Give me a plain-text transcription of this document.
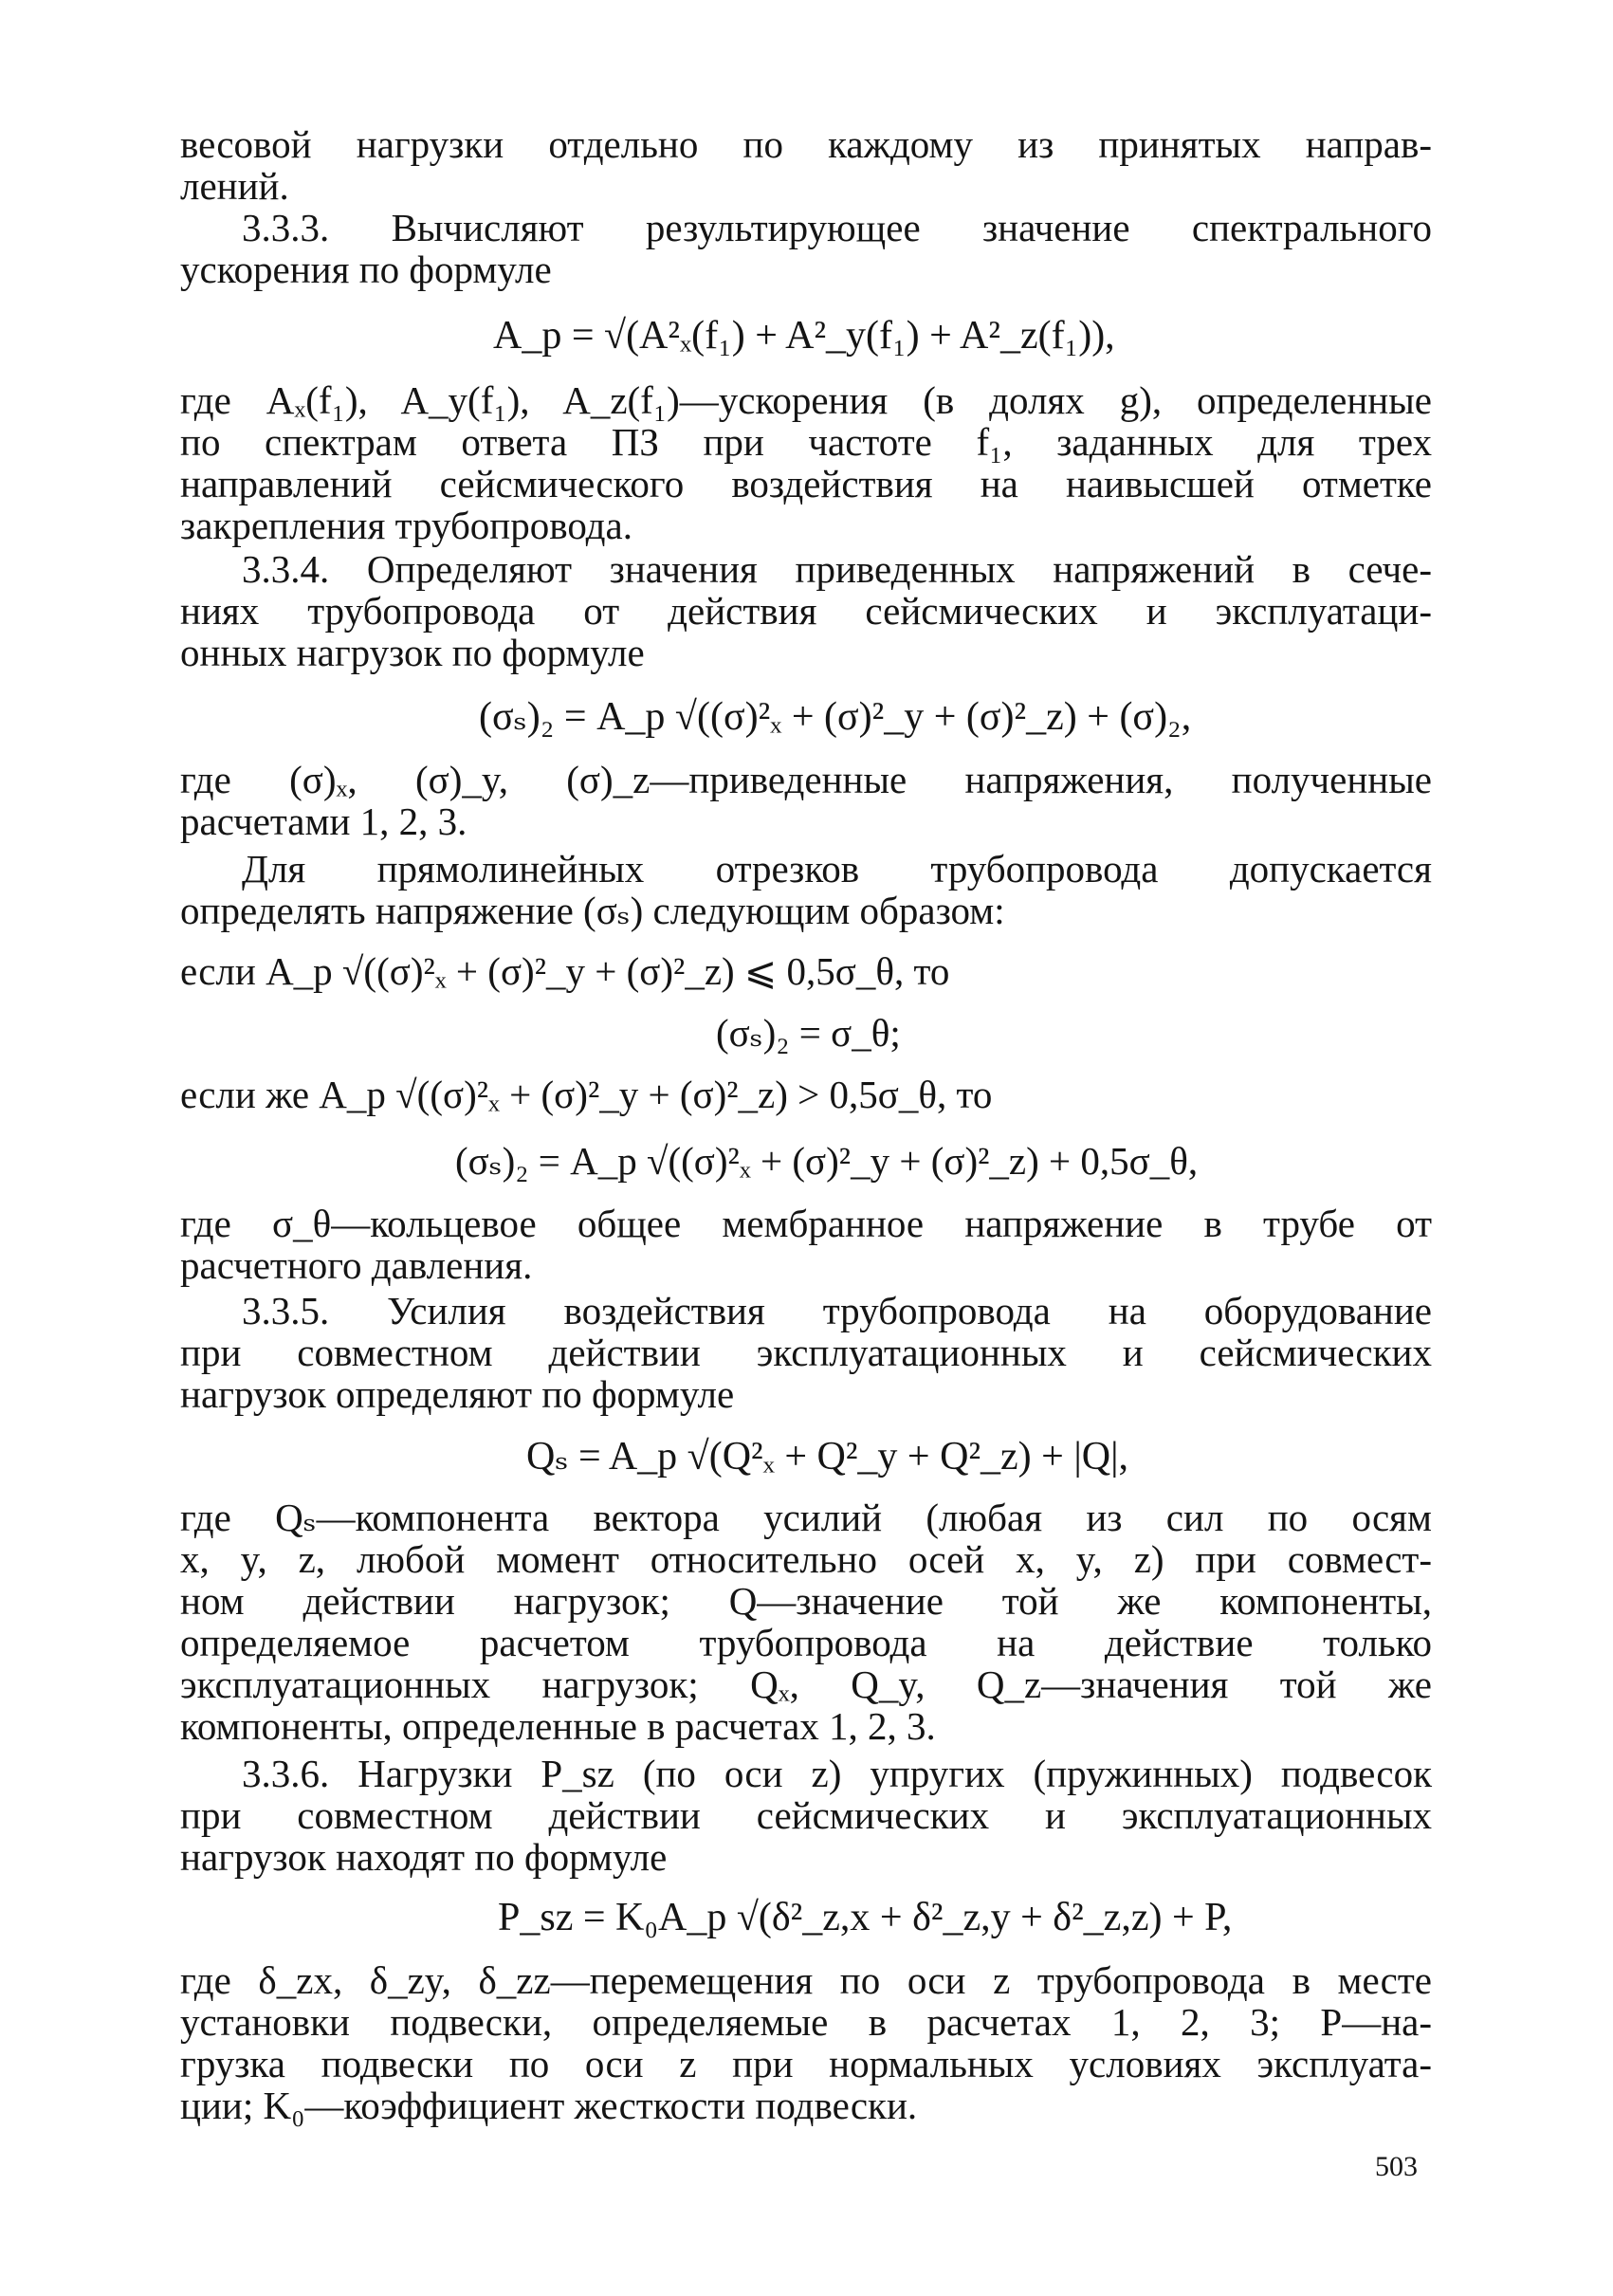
весовой нагрузки отдельно по каждому из принятых направ-
лений.
3.3.3. Вычисляют результирующее значение спектрального
ускорения по формуле
A_p = √(A²ₓ(f₁) + A²_y(f₁) + A²_z(f₁)),
где Aₓ(f₁), A_y(f₁), A_z(f₁)—ускорения (в долях g), определенные
по спектрам ответа ПЗ при частоте f₁, заданных для трех
направлений сейсмического воздействия на наивысшей отметке
закрепления трубопровода.
3.3.4. Определяют значения приведенных напряжений в сече-
ниях трубопровода от действия сейсмических и эксплуатаци-
онных нагрузок по формуле
(σₛ)₂ = A_p √((σ)²ₓ + (σ)²_y + (σ)²_z) + (σ)₂,
где (σ)ₓ, (σ)_y, (σ)_z—приведенные напряжения, полученные
расчетами 1, 2, 3.
Для прямолинейных отрезков трубопровода допускается
определять напряжение (σₛ) следующим образом:
если A_p √((σ)²ₓ + (σ)²_y + (σ)²_z) ⩽ 0,5σ_θ, то
(σₛ)₂ = σ_θ;
если же A_p √((σ)²ₓ + (σ)²_y + (σ)²_z) > 0,5σ_θ, то
(σₛ)₂ = A_p √((σ)²ₓ + (σ)²_y + (σ)²_z) + 0,5σ_θ,
где σ_θ—кольцевое общее мембранное напряжение в трубе от
расчетного давления.
3.3.5. Усилия воздействия трубопровода на оборудование
при совместном действии эксплуатационных и сейсмических
нагрузок определяют по формуле
Qₛ = A_p √(Q²ₓ + Q²_y + Q²_z) + |Q|,
где Qₛ—компонента вектора усилий (любая из сил по осям
x, y, z, любой момент относительно осей x, y, z) при совмест-
ном действии нагрузок; Q—значение той же компоненты,
определяемое расчетом трубопровода на действие только
эксплуатационных нагрузок; Qₓ, Q_y, Q_z—значения той же
компоненты, определенные в расчетах 1, 2, 3.
3.3.6. Нагрузки P_sz (по оси z) упругих (пружинных) подвесок
при совместном действии сейсмических и эксплуатационных
нагрузок находят по формуле
P_sz = K₀A_p √(δ²_z,x + δ²_z,y + δ²_z,z) + P,
где δ_zx, δ_zy, δ_zz—перемещения по оси z трубопровода в месте
установки подвески, определяемые в расчетах 1, 2, 3; P—на-
грузка подвески по оси z при нормальных условиях эксплуата-
ции; K₀—коэффициент жесткости подвески.
503
